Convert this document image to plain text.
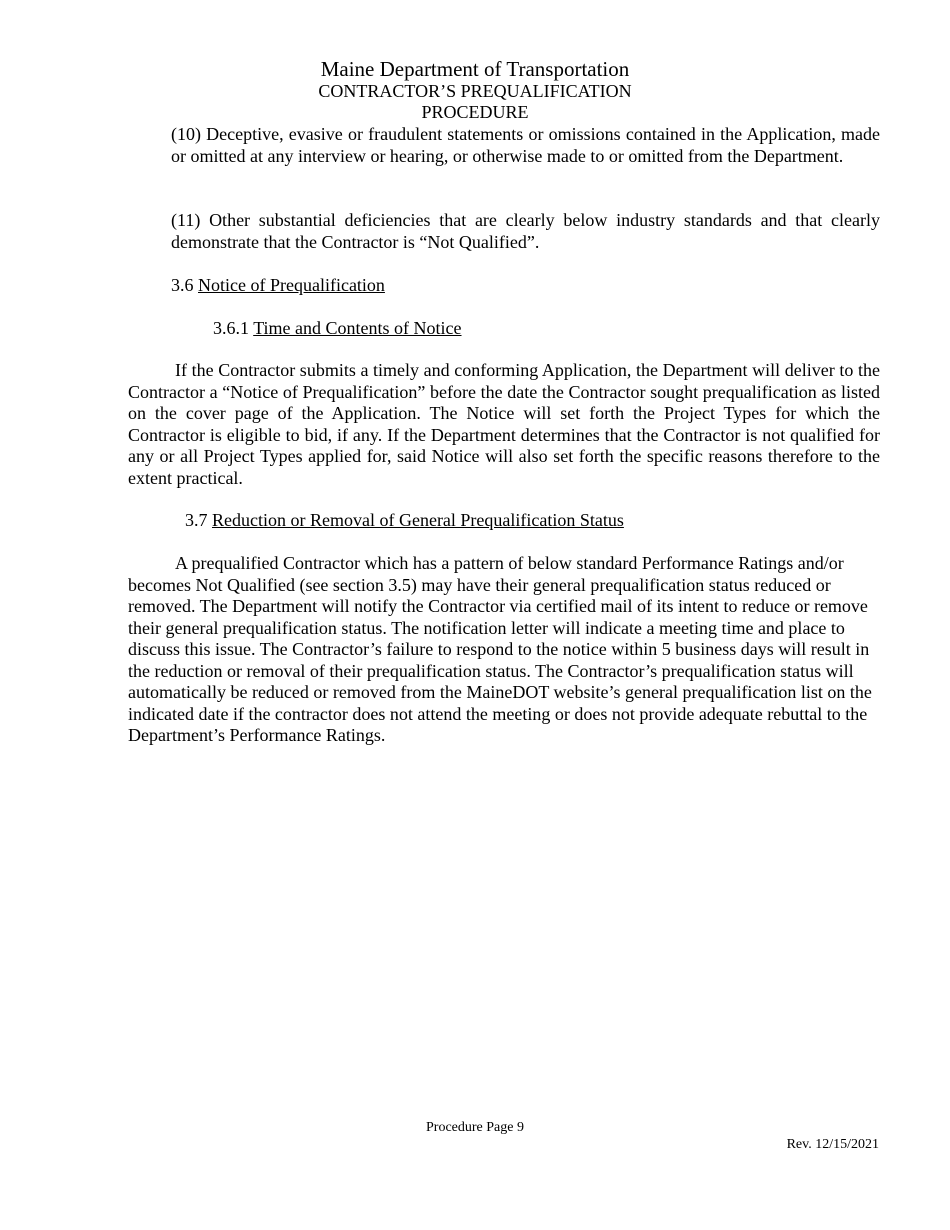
Maine Department of Transportation
CONTRACTOR’S PREQUALIFICATION
PROCEDURE

(10) Deceptive, evasive or fraudulent statements or omissions contained in the Application, made or omitted at any interview or hearing, or otherwise made to or omitted from the Department.

(11) Other substantial deficiencies that are clearly below industry standards and that clearly demonstrate that the Contractor is “Not Qualified”.

3.6 Notice of Prequalification
3.6.1 Time and Contents of Notice

If the Contractor submits a timely and conforming Application, the Department will deliver to the Contractor a “Notice of Prequalification” before the date the Contractor sought prequalification as listed on the cover page of the Application. The Notice will set forth the Project Types for which the Contractor is eligible to bid, if any. If the Department determines that the Contractor is not qualified for any or all Project Types applied for, said Notice will also set forth the specific reasons therefore to the extent practical.

3.7 Reduction or Removal of General Prequalification Status

A prequalified Contractor which has a pattern of below standard Performance Ratings and/or becomes Not Qualified (see section 3.5) may have their general prequalification status reduced or removed. The Department will notify the Contractor via certified mail of its intent to reduce or remove their general prequalification status. The notification letter will indicate a meeting time and place to discuss this issue. The Contractor’s failure to respond to the notice within 5 business days will result in the reduction or removal of their prequalification status. The Contractor’s prequalification status will automatically be reduced or removed from the MaineDOT website’s general prequalification list on the indicated date if the contractor does not attend the meeting or does not provide adequate rebuttal to the Department’s Performance Ratings.

Procedure Page 9
Rev. 12/15/2021
